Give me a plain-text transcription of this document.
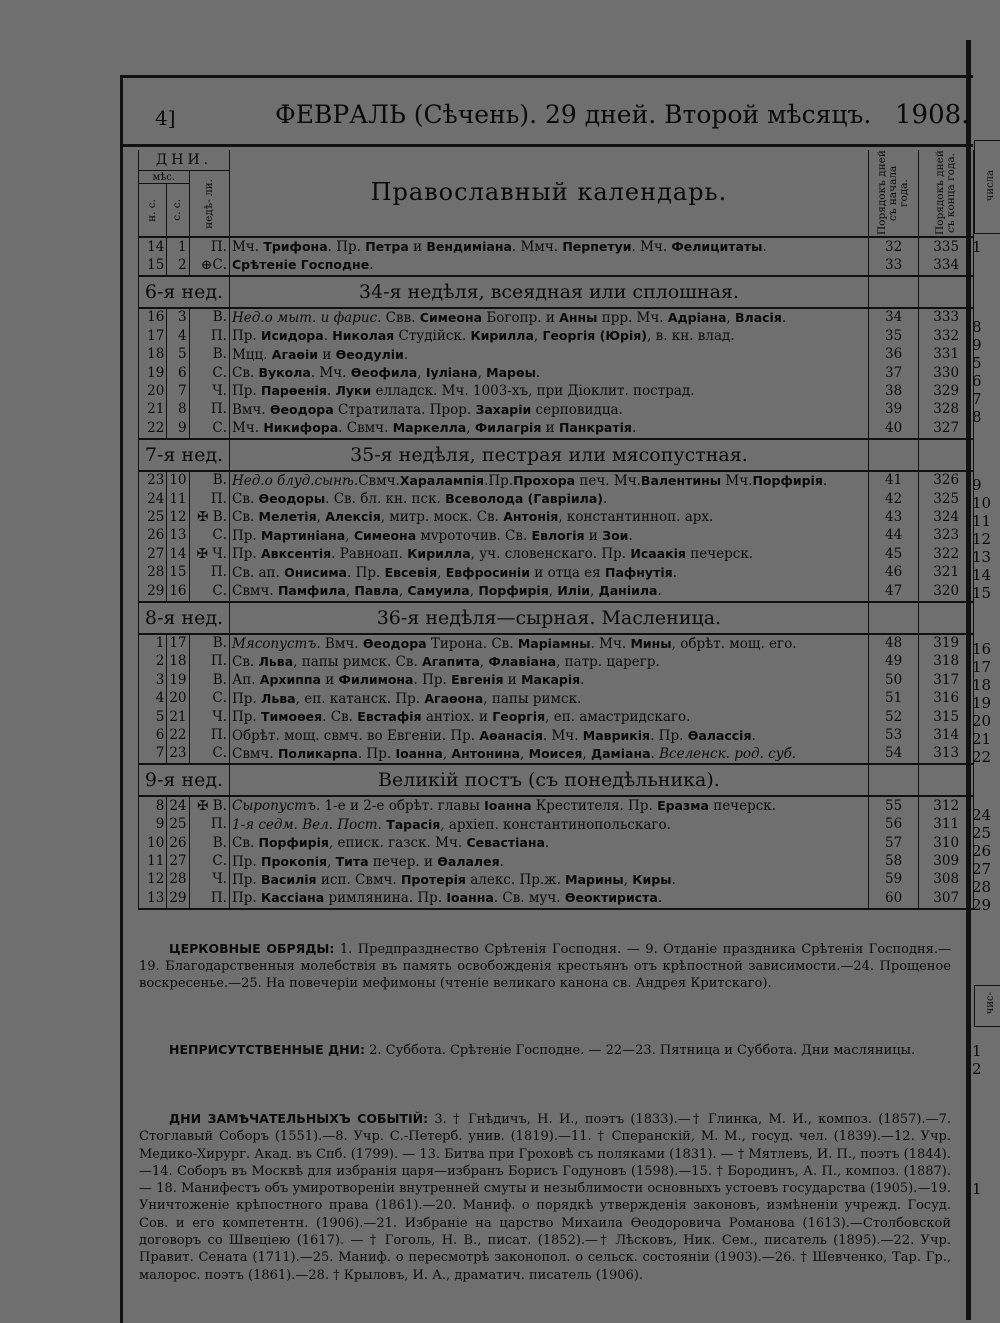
4]	ФЕВРАЛЬ (Сѣчень). 29 дней. Второй мѣсяцъ. 1908.
ДНИ.			Православный календарь.	Порядокъ дней съ начала года.	Порядокъ дней съ конца года.

мѣс.		недѣ- ли.			

н. с.	с. с.				

14	1	П.	Мч. Трифона. Пр. Петра и Вендиміана. Ммч. Перпетуи. Мч. Фелицитаты.	32	335
15	2	⊕С.	Срѣтеніе Господне.	33	334
6-я нед.			34-я недѣля, всеядная или сплошная.		
16	3	В.	Нед.о мыт. и фарис. Свв. Симеона Богопр. и Анны прр. Мч. Адріана, Власія.	34	333
17	4	П.	Пр. Исидора. Николая Студійск. Кирилла, Георгія (Юрія), в. кн. влад.	35	332
18	5	В.	Мцц. Агаѳіи и Ѳеодуліи.	36	331
19	6	С.	Св. Вукола. Мч. Ѳеофила, Іуліана, Марѳы.	37	330
20	7	Ч.	Пр. Парѳенія. Луки елладск. Мч. 1003-хъ, при Діоклит. пострад.	38	329
21	8	П.	Вмч. Ѳеодора Стратилата. Прор. Захаріи серповидца.	39	328
22	9	С.	Мч. Никифора. Свмч. Маркелла, Филагрія и Панкратія.	40	327
7-я нед.			35-я недѣля, пестрая или мясопустная.		
23	10	В.	Нед.о блуд.сынѣ.Свмч.Харалампія.Пр.Прохора печ. Мч.Валентины Мч.Порфирія.	41	326
24	11	П.	Св. Ѳеодоры. Св. бл. кн. пск. Всеволода (Гавріила).	42	325
25	12	✠ В.	Св. Мелетія, Алексія, митр. моск. Св. Антонія, константинноп. арх.	43	324
26	13	С.	Пр. Мартиніана, Симеона мvроточив. Св. Евлогія и Зои.	44	323
27	14	✠ Ч.	Пр. Авксентія. Равноап. Кирилла, уч. словенскаго. Пр. Исаакія печерск.	45	322
28	15	П.	Св. ап. Онисима. Пр. Евсевія, Евфросиніи и отца ея Пафнутія.	46	321
29	16	С.	Свмч. Памфила, Павла, Самуила, Порфирія, Иліи, Даніила.	47	320
8-я нед.			36-я недѣля—сырная. Масленица.		
1	17	В.	Мясопустъ. Вмч. Ѳеодора Тирона. Св. Маріамны. Мч. Мины, обрѣт. мощ. его.	48	319
2	18	П.	Св. Льва, папы римск. Св. Агапита, Флавіана, патр. царегр.	49	318
3	19	В.	Ап. Архиппа и Филимона. Пр. Евгенія и Макарія.	50	317
4	20	С.	Пр. Льва, еп. катанск. Пр. Агаѳона, папы римск.	51	316
5	21	Ч.	Пр. Тимоѳея. Св. Евстафія антіох. и Георгія, еп. амастридскаго.	52	315
6	22	П.	Обрѣт. мощ. свмч. во Евгеніи. Пр. Аѳанасія. Мч. Маврикія. Пр. Ѳалассія.	53	314
7	23	С.	Свмч. Поликарпа. Пр. Іоанна, Антонина, Моисея, Даміана. Вселенск. род. суб.	54	313
9-я нед.			Великій постъ (съ понедѣльника).		
8	24	✠ В.	Сыропустъ. 1-е и 2-е обрѣт. главы Іоанна Крестителя. Пр. Еразма печерск.	55	312
9	25	П.	1-я седм. Вел. Пост. Тарасія, архіеп. константинопольскаго.	56	311
10	26	В.	Св. Порфирія, епиcк. газск. Мч. Севастіана.	57	310
11	27	С.	Пр. Прокопія, Тита печер. и Ѳалалея.	58	309
12	28	Ч.	Пр. Василія исп. Свмч. Протерія алекс. Пр.ж. Марины, Киры.	59	308
13	29	П.	Пр. Кассіана римлянина. Пр. Іоанна. Св. муч. Ѳеоктириста.	60	307

ЦЕРКОВНЫЕ ОБРЯДЫ: 1. Предпразднество Срѣтенія Господня. — 9. Отданіе праздника Срѣтенія Господня.—19. Благодарственныя молебствія въ память освобожденія крестьянъ отъ крѣпостной зависимости.—24. Прощеное воскресенье.—25. На повечеріи мефимоны (чтеніе великаго канона св. Андрея Критскаго).

НЕПРИСУТСТВЕННЫЕ ДНИ: 2. Суббота. Срѣтеніе Господне. — 22—23. Пятница и Суббота. Дни масляницы.

ДНИ ЗАМѢЧАТЕЛЬНЫХЪ СОБЫТІЙ: 3. † Гнѣдичъ, Н. И., поэтъ (1833).—† Глинка, М. И., композ. (1857).—7. Стоглавый Соборъ (1551).—8. Учр. С.-Петерб. унив. (1819).—11. † Сперанскій, М. М., госуд. чел. (1839).—12. Учр. Медико-Хирург. Акад. въ Спб. (1799). — 13. Битва при Гроховѣ съ поляками (1831). — † Мятлевъ, И. П., поэтъ (1844).—14. Соборъ въ Москвѣ для избранія царя—избранъ Борисъ Годуновъ (1598).—15. † Бородинъ, А. П., композ. (1887). — 18. Манифестъ объ умиротвореніи внутренней смуты и незыблимости основныхъ устоевъ государства (1905).—19. Уничтоженіе крѣпостного права (1861).—20. Маниф. о порядкѣ утвержденія законовъ, измѣненіи учрежд. Госуд. Сов. и его компетентн. (1906).—21. Избраніе на царство Михаила Ѳеодоровича Романова (1613).—Столбовской договоръ со Швеціею (1617). — † Гоголь, Н. В., писат. (1852).—† Лѣсковъ, Ник. Сем., писатель (1895).—22. Учр. Правит. Сената (1711).—25. Маниф. о пересмотрѣ законопол. о сельск. состояніи (1903).—26. † Шевченко, Тар. Гр., малорос. поэтъ (1861).—28. † Крыловъ, И. А., драматич. писатель (1906).

числа
чис-
1
8
9
5
6
7
8
9
10
11
12
13
14
15
16
17
18
19
20
21
22
24
25
26
27
28
29
1
2
1
